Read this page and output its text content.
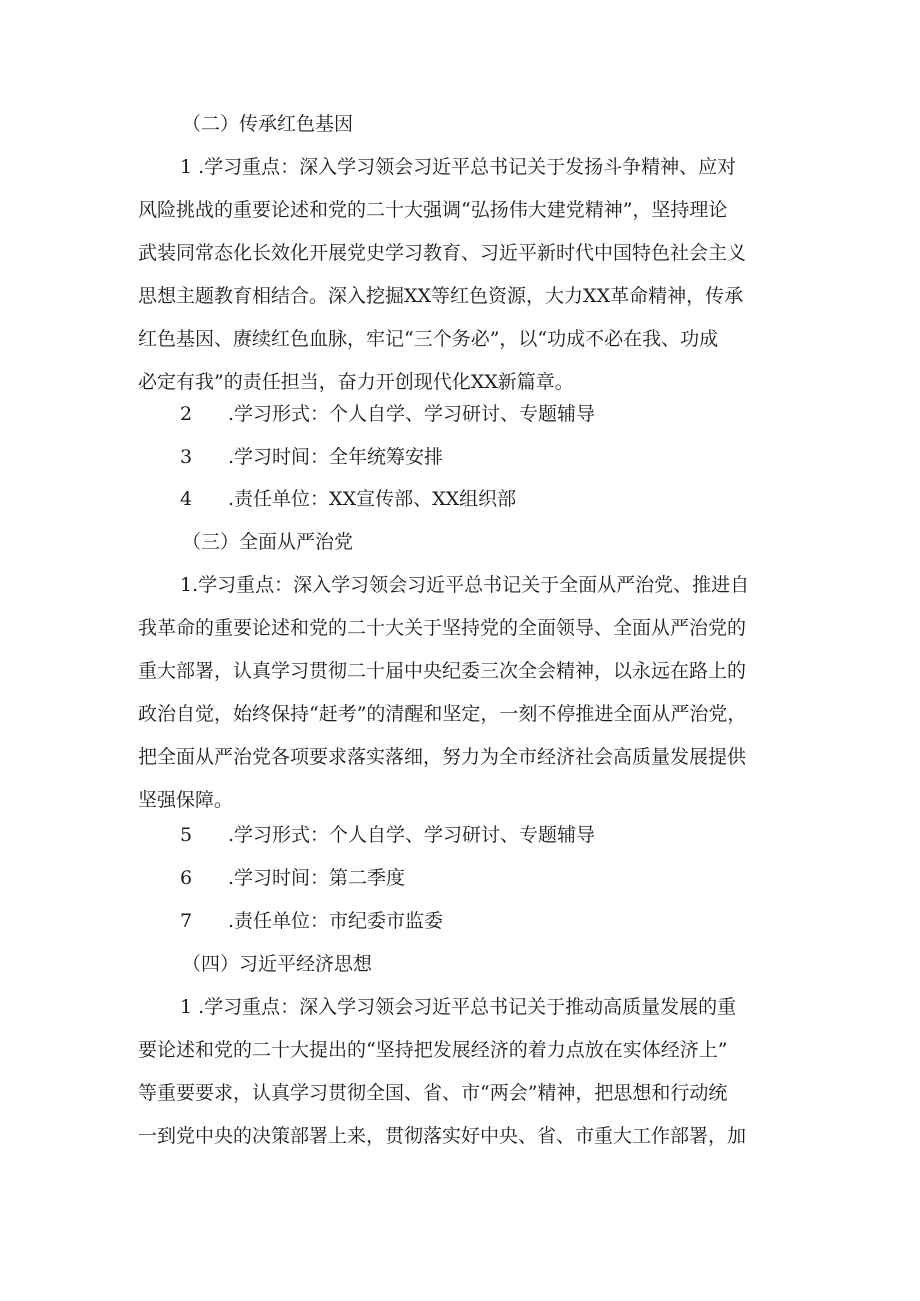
（二）传承红色基因
1 .学习重点：深入学习领会习近平总书记关于发扬斗争精神、应对
风险挑战的重要论述和党的二十大强调“弘扬伟大建党精神”，坚持理论
武装同常态化长效化开展党史学习教育、习近平新时代中国特色社会主义
思想主题教育相结合。深入挖掘XX等红色资源，大力XX革命精神，传承
红色基因、赓续红色血脉，牢记“三个务必”，以“功成不必在我、功成
必定有我”的责任担当，奋力开创现代化XX新篇章。
2 .学习形式：个人自学、学习研讨、专题辅导
3 .学习时间：全年统筹安排
4 .责任单位：XX宣传部、XX组织部
（三）全面从严治党
1.学习重点：深入学习领会习近平总书记关于全面从严治党、推进自
我革命的重要论述和党的二十大关于坚持党的全面领导、全面从严治党的
重大部署，认真学习贯彻二十届中央纪委三次全会精神，以永远在路上的
政治自觉，始终保持“赶考”的清醒和坚定，一刻不停推进全面从严治党，
把全面从严治党各项要求落实落细，努力为全市经济社会高质量发展提供
坚强保障。
5 .学习形式：个人自学、学习研讨、专题辅导
6 .学习时间：第二季度
7 .责任单位：市纪委市监委
（四）习近平经济思想
1 .学习重点：深入学习领会习近平总书记关于推动高质量发展的重
要论述和党的二十大提出的“坚持把发展经济的着力点放在实体经济上”
等重要要求，认真学习贯彻全国、省、市“两会”精神，把思想和行动统
一到党中央的决策部署上来，贯彻落实好中央、省、市重大工作部署，加
